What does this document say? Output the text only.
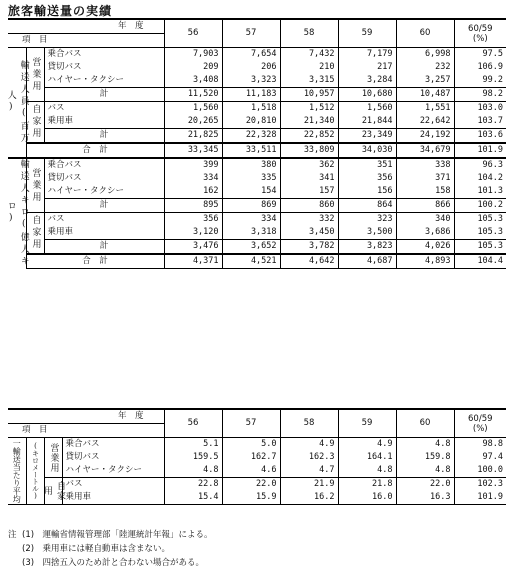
旅客輸送量の実績
年　度			56	57	58	59	60	60/59
(%)	
項　目									
輸送人員(百万人)	営業用	乗合バス	7,903	7,654	7,432	7,179	6,998		97.5
		貸切バス	209	206	210	217	232		106.9
		ハイヤー・タクシー	3,408	3,323	3,315	3,284	3,257		99.2
		計	11,520	11,183	10,957	10,680	10,487		98.2
	自家用	バス	1,560	1,518	1,512	1,560	1,551		103.0
		乗用車	20,265	20,810	21,340	21,844	22,642		103.7
		計	21,825	22,328	22,852	23,349	24,192		103.6
	合　計		33,345	33,511	33,809	34,030	34,679		101.9
輸送人キロ(億人キロ)	営業用	乗合バス	399	380	362	351	338		96.3
		貸切バス	334	335	341	356	371		104.2
		ハイヤー・タクシー	162	154	157	156	158		101.3
		計	895	869	860	864	866		100.2
	自家用	バス	356	334	332	323	340		105.3
		乗用車	3,120	3,318	3,450	3,500	3,686		105.3
		計	3,476	3,652	3,782	3,823	4,026		105.3
	合　計		4,371	4,521	4,642	4,687	4,893		104.4
年　度				56	57	58	59	60	60/59
(%)	
項　目										
一輸送当たり平均	(キロメートル)	営業用	乗合バス	5.1	5.0	4.9	4.9	4.8		98.8
			貸切バス	159.5	162.7	162.3	164.1	159.8		97.4
			ハイヤー・タクシー	4.8	4.6	4.7	4.8	4.8		100.0
		自家用	バス	22.8	22.0	21.9	21.8	22.0		102.3
			乗用車	15.4	15.9	16.2	16.0	16.3		101.9
注 (1)　運輸省情報管理部「陸運統計年報」による。
(2)　乗用車には軽自動車は含まない。
(3)　四捨五入のため計と合わない場合がある。
